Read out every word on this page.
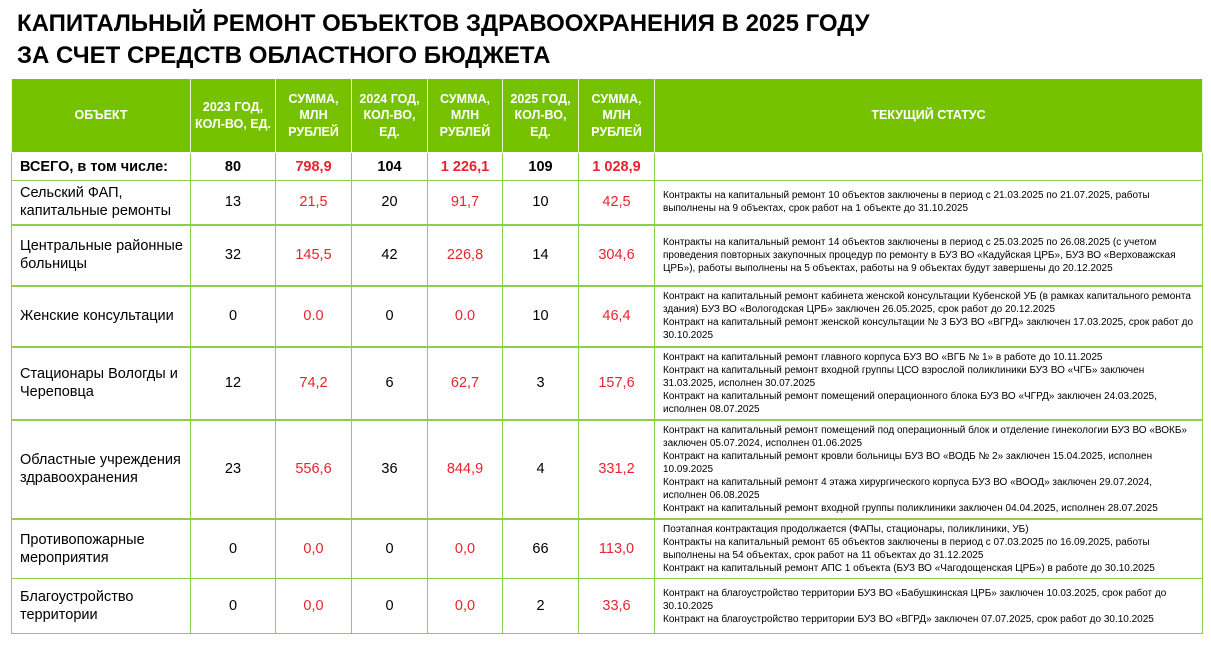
КАПИТАЛЬНЫЙ РЕМОНТ ОБЪЕКТОВ ЗДРАВООХРАНЕНИЯ В 2025 ГОДУ
ЗА СЧЕТ СРЕДСТВ ОБЛАСТНОГО БЮДЖЕТА
ОБЪЕКТ	2023 ГОД, КОЛ-ВО, ЕД.	СУММА, МЛН РУБЛЕЙ	2024 ГОД, КОЛ-ВО, ЕД.	СУММА, МЛН РУБЛЕЙ	2025 ГОД, КОЛ-ВО, ЕД.	СУММА, МЛН РУБЛЕЙ	ТЕКУЩИЙ СТАТУС
ВСЕГО, в том числе:	80	798,9	104	1 226,1	109	1 028,9	
Сельский ФАП, капитальные ремонты	13	21,5	20	91,7	10	42,5	Контракты на капитальный ремонт 10 объектов заключены в период с 21.03.2025 по 21.07.2025, работы выполнены на 9 объектах, срок работ на 1 объекте до 31.10.2025

Центральные районные больницы	32	145,5	42	226,8	14	304,6	Контракты на капитальный ремонт 14 объектов заключены в период с 25.03.2025 по 26.08.2025 (с учетом проведения повторных закупочных процедур по ремонту в БУЗ ВО «Кадуйская ЦРБ», БУЗ ВО «Верховажская ЦРБ»), работы выполнены на 5 объектах, работы на 9 объектах будут завершены до 20.12.2025

Женские консультации	0	0.0	0	0.0	10	46,4	Контракт на капитальный ремонт кабинета женской консультации Кубенской УБ (в рамках капитального ремонта здания) БУЗ ВО «Вологодская ЦРБ» заключен 26.05.2025, срок работ до 20.12.2025
Контракт на капитальный ремонт женской консультации № 3 БУЗ ВО «ВГРД» заключен 17.03.2025, срок работ до 30.10.2025

Стационары Вологды и Череповца	12	74,2	6	62,7	3	157,6	Контракт на капитальный ремонт главного корпуса БУЗ ВО «ВГБ № 1» в работе до 10.11.2025
Контракт на капитальный ремонт входной группы ЦСО взрослой поликлиники БУЗ ВО «ЧГБ» заключен 31.03.2025, исполнен 30.07.2025
Контракт на капитальный ремонт помещений операционного блока БУЗ ВО «ЧГРД» заключен 24.03.2025, исполнен 08.07.2025

Областные учреждения здравоохранения	23	556,6	36	844,9	4	331,2	Контракт на капитальный ремонт помещений под операционный блок и отделение гинекологии БУЗ ВО «ВОКБ» заключен 05.07.2024, исполнен 01.06.2025
Контракт на капитальный ремонт кровли больницы БУЗ ВО «ВОДБ № 2» заключен 15.04.2025, исполнен 10.09.2025
Контракт на капитальный ремонт 4 этажа хирургического корпуса БУЗ ВО «ВООД» заключен 29.07.2024, исполнен 06.08.2025
Контракт на капитальный ремонт входной группы поликлиники заключен 04.04.2025, исполнен 28.07.2025

Противопожарные мероприятия	0	0,0	0	0,0	66	113,0	Поэтапная контрактация продолжается (ФАПы, стационары, поликлиники, УБ)
Контракты на капитальный ремонт 65 объектов заключены в период с 07.03.2025 по 16.09.2025, работы выполнены на 54 объектах, срок работ на 11 объектах до 31.12.2025
Контракт на капитальный ремонт АПС 1 объекта (БУЗ ВО «Чагодощенская ЦРБ») в работе до 30.10.2025

Благоустройство территории	0	0,0	0	0,0	2	33,6	Контракт на благоустройство территории БУЗ ВО «Бабушкинская ЦРБ» заключен 10.03.2025, срок работ до 30.10.2025
Контракт на благоустройство территории БУЗ ВО «ВГРД» заключен 07.07.2025, срок работ до 30.10.2025
